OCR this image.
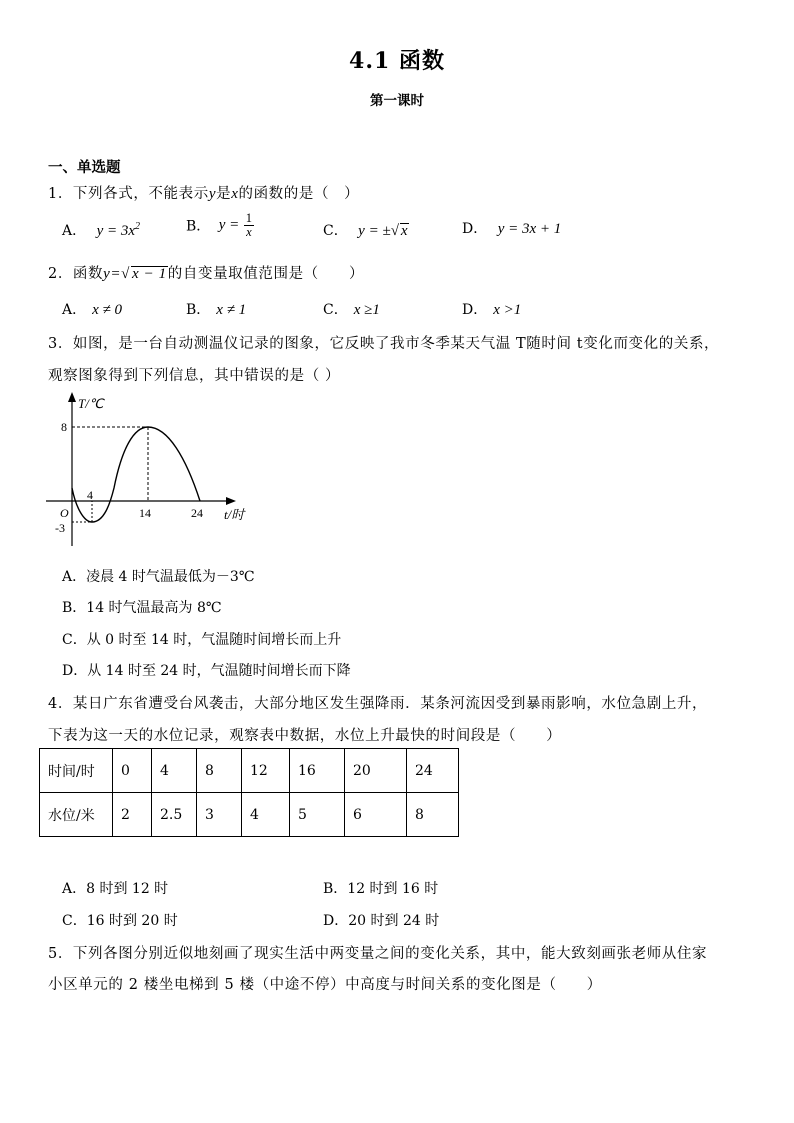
4.1 函数
第一课时
一、单选题
1．下列各式，不能表示y是x的函数的是（　）
A． $y = 3x^2$	B． $y = \frac{1}{x}$	C． y = ±√ x	D． y = 3x + 1
2．函数y=√ x − 1的自变量取值范围是（　　）
A． x ≠ 0	B． x ≠ 1	C． x ≥1	D． x >1
3．如图，是一台自动测温仪记录的图象，它反映了我市冬季某天气温 T随时间 t变化而变化的关系，
观察图象得到下列信息，其中错误的是（ ）
T/℃
t/时
O
8
-3
4
14	24
A．凌晨 4 时气温最低为－3℃
B．14 时气温最高为 8℃
C．从 0 时至 14 时，气温随时间增长而上升
D．从 14 时至 24 时，气温随时间增长而下降
4．某日广东省遭受台风袭击，大部分地区发生强降雨．某条河流因受到暴雨影响，水位急剧上升，
下表为这一天的水位记录，观察表中数据，水位上升最快的时间段是（　　）
时间/时	0	4	8	12	16	20	24
水位/米	2	2.5	3	4	5	6	8
A．8 时到 12 时	B．12 时到 16 时
C．16 时到 20 时	D．20 时到 24 时
5．下列各图分别近似地刻画了现实生活中两变量之间的变化关系，其中，能大致刻画张老师从住家
小区单元的 2 楼坐电梯到 5 楼（中途不停）中高度与时间关系的变化图是（　　）
